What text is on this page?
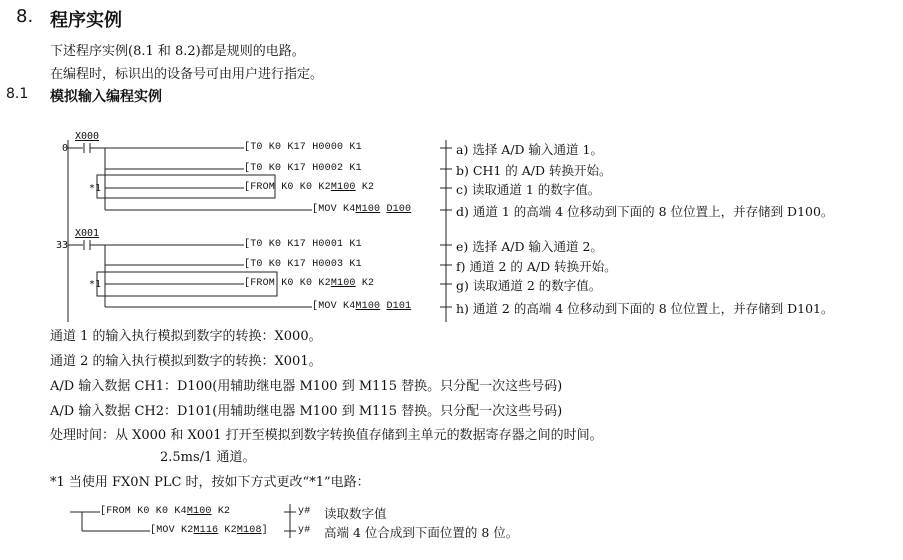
8. 程序实例
下述程序实例(8.1 和 8.2)都是规则的电路。
在编程时，标识出的设备号可由用户进行指定。
8.1 模拟输入编程实例
0
X000
*1
[T0 K0 K17 H0000 K1
[T0 K0 K17 H0002 K1
[FROM K0 K0 K2M100 K2
[MOV K4M100 D100
a) 选择 A/D 输入通道 1。
b) CH1 的 A/D 转换开始。
c) 读取通道 1 的数字值。
d) 通道 1 的高端 4 位移动到下面的 8 位位置上，并存储到 D100。
33
X001
*1
[T0 K0 K17 H0001 K1
[T0 K0 K17 H0003 K1
[FROM K0 K0 K2M100 K2
[MOV K4M100 D101
e) 选择 A/D 输入通道 2。
f) 通道 2 的 A/D 转换开始。
g) 读取通道 2 的数字值。
h) 通道 2 的高端 4 位移动到下面的 8 位位置上，并存储到 D101。
通道 1 的输入执行模拟到数字的转换：X000。
通道 2 的输入执行模拟到数字的转换：X001。
A/D 输入数据 CH1：D100(用辅助继电器 M100 到 M115 替换。只分配一次这些号码)
A/D 输入数据 CH2：D101(用辅助继电器 M100 到 M115 替换。只分配一次这些号码)
处理时间：从 X000 和 X001 打开至模拟到数字转换值存储到主单元的数据寄存器之间的时间。
2.5ms/1 通道。
*1 当使用 FX0N PLC 时，按如下方式更改“*1”电路：
[FROM K0 K0 K4M100 K2
[MOV K2M116 K2M108]
y#
y#
读取数字值
高端 4 位合成到下面位置的 8 位。
